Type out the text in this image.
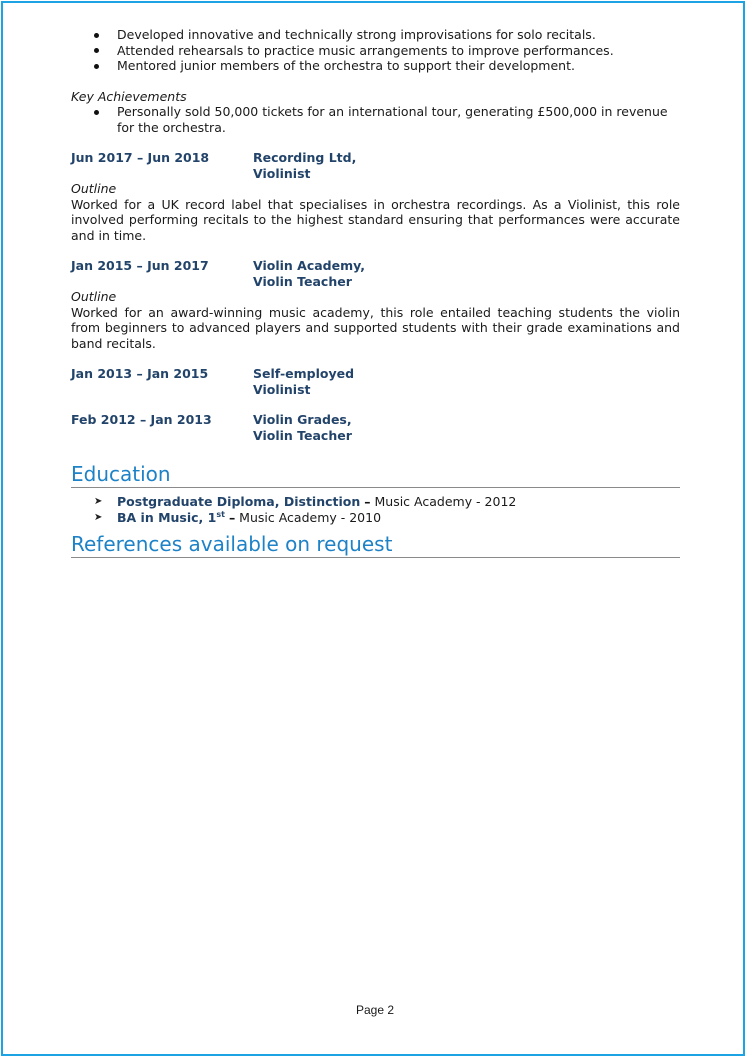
Developed innovative and technically strong improvisations for solo recitals.
Attended rehearsals to practice music arrangements to improve performances.
Mentored junior members of the orchestra to support their development.
Key Achievements
Personally sold 50,000 tickets for an international tour, generating £500,000 in revenue for the orchestra.
Jun 2017 – Jun 2018	Recording Ltd,
Violinist
Outline
Worked for a UK record label that specialises in orchestra recordings. As a Violinist, this role involved performing recitals to the highest standard ensuring that performances were accurate and in time.
Jan 2015 – Jun 2017	Violin Academy,
Violin Teacher
Outline
Worked for an award-winning music academy, this role entailed teaching students the violin from beginners to advanced players and supported students with their grade examinations and band recitals.
Jan 2013 – Jan 2015	Self-employed
Violinist
Feb 2012 – Jan 2013	Violin Grades,
Violin Teacher
Education
➤ Postgraduate Diploma, Distinction – Music Academy - 2012
➤ BA in Music, 1st – Music Academy - 2010
References available on request
Page 2
